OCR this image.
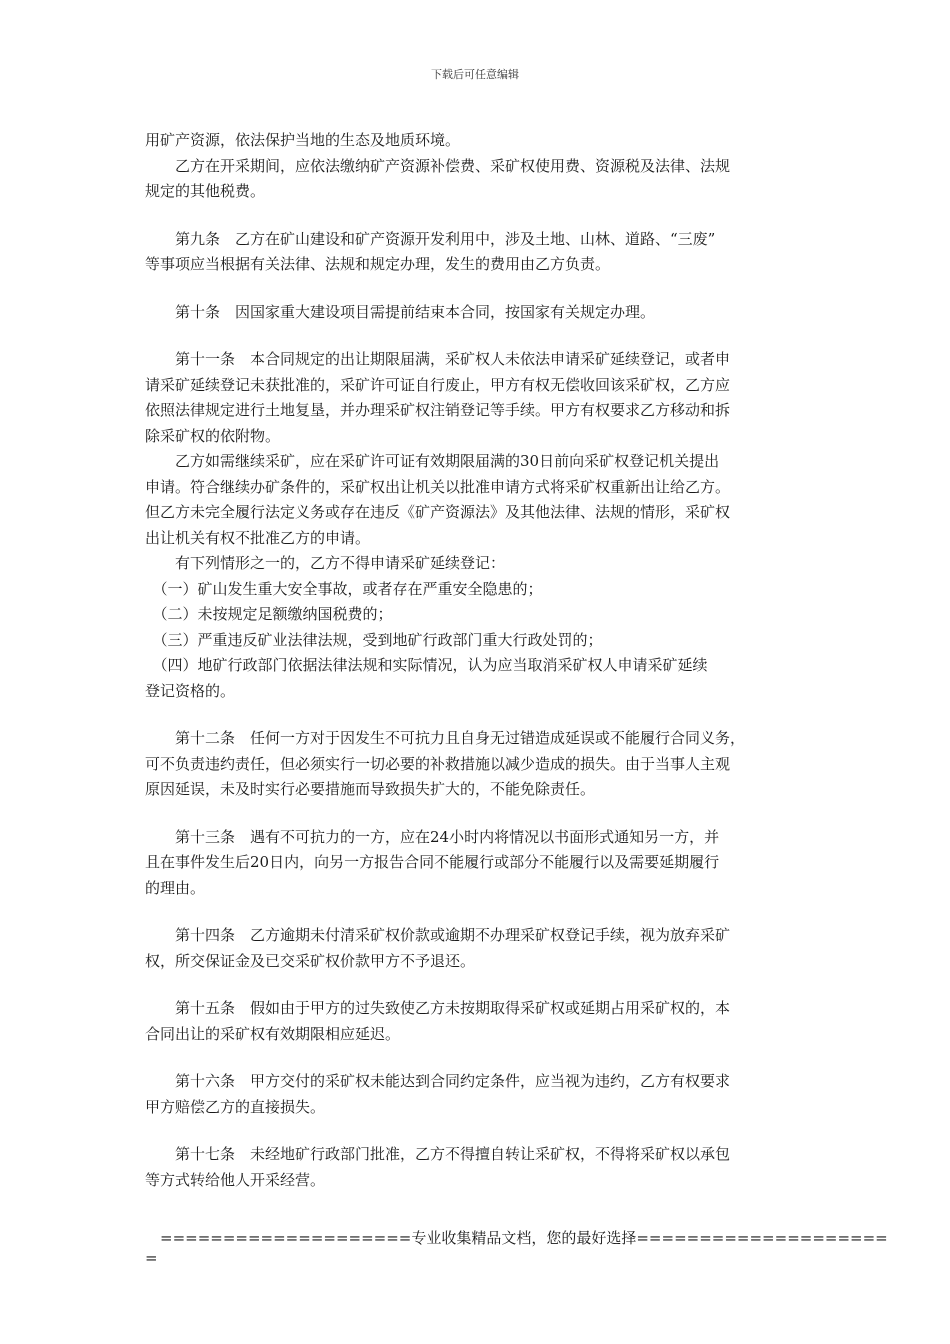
下载后可任意编辑
用矿产资源，依法保护当地的生态及地质环境。
　　乙方在开采期间，应依法缴纳矿产资源补偿费、采矿权使用费、资源税及法律、法规
规定的其他税费。
　　第九条　乙方在矿山建设和矿产资源开发利用中，涉及土地、山林、道路、“三废”
等事项应当根据有关法律、法规和规定办理，发生的费用由乙方负责。
　　第十条　因国家重大建设项目需提前结束本合同，按国家有关规定办理。
　　第十一条　本合同规定的出让期限届满，采矿权人未依法申请采矿延续登记，或者申
请采矿延续登记未获批准的，采矿许可证自行废止，甲方有权无偿收回该采矿权，乙方应
依照法律规定进行土地复垦，并办理采矿权注销登记等手续。甲方有权要求乙方移动和拆
除采矿权的依附物。
　　乙方如需继续采矿，应在采矿许可证有效期限届满的30日前向采矿权登记机关提出
申请。符合继续办矿条件的，采矿权出让机关以批准申请方式将采矿权重新出让给乙方。
但乙方未完全履行法定义务或存在违反《矿产资源法》及其他法律、法规的情形，采矿权
出让机关有权不批准乙方的申请。
　　有下列情形之一的，乙方不得申请采矿延续登记：
　（一）矿山发生重大安全事故，或者存在严重安全隐患的；
　（二）未按规定足额缴纳国税费的；
　（三）严重违反矿业法律法规，受到地矿行政部门重大行政处罚的；
　（四）地矿行政部门依据法律法规和实际情况，认为应当取消采矿权人申请采矿延续
登记资格的。
　　第十二条　任何一方对于因发生不可抗力且自身无过错造成延误或不能履行合同义务，
可不负责违约责任，但必须实行一切必要的补救措施以减少造成的损失。由于当事人主观
原因延误，未及时实行必要措施而导致损失扩大的，不能免除责任。
　　第十三条　遇有不可抗力的一方，应在24小时内将情况以书面形式通知另一方，并
且在事件发生后20日内，向另一方报告合同不能履行或部分不能履行以及需要延期履行
的理由。
　　第十四条　乙方逾期未付清采矿权价款或逾期不办理采矿权登记手续，视为放弃采矿
权，所交保证金及已交采矿权价款甲方不予退还。
　　第十五条　假如由于甲方的过失致使乙方未按期取得采矿权或延期占用采矿权的，本
合同出让的采矿权有效期限相应延迟。
　　第十六条　甲方交付的采矿权未能达到合同约定条件，应当视为违约，乙方有权要求
甲方赔偿乙方的直接损失。
　　第十七条　未经地矿行政部门批准，乙方不得擅自转让采矿权，不得将采矿权以承包
等方式转给他人开采经营。
====================专业收集精品文档，您的最好选择====================
=
